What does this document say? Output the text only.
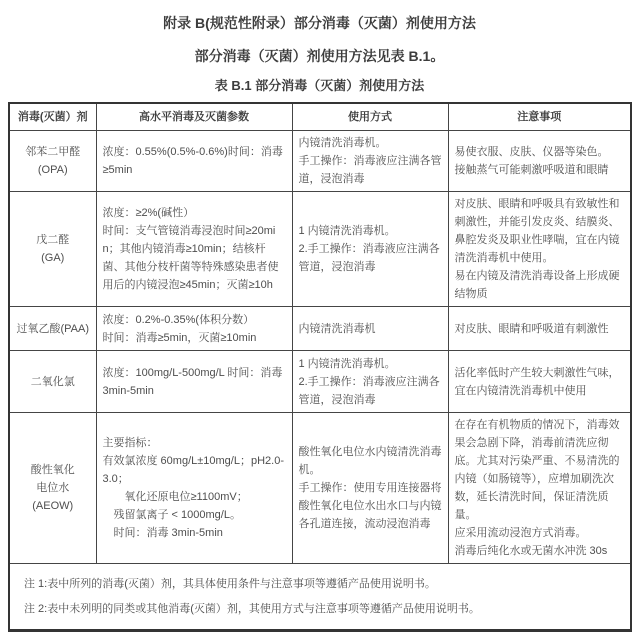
附录 B(规范性附录）部分消毒（灭菌）剂使用方法
部分消毒（灭菌）剂使用方法见表 B.1。
表 B.1 部分消毒（灭菌）剂使用方法
消毒(灭菌）剂	高水平消毒及灭菌参数	使用方式	注意事项
邻苯二甲醛
(OPA)	浓度：0.55%(0.5%-0.6%)时间：消毒≥5min	内镜清洗消毒机。
手工操作：消毒液应注满各管道，浸泡消毒	易使衣服、皮肤、仪器等染色。
接触蒸气可能刺激呼吸道和眼睛
戊二醛
(GA)	浓度：≥2%(碱性）
时间：支气管镜消毒浸泡时间≥20min；其他内镜消毒≥10min；结核杆菌、其他分枝杆菌等特殊感染患者使用后的内镜浸泡≥45min；灭菌≥10h	1 内镜清洗消毒机。
2.手工操作：消毒液应注满各管道，浸泡消毒	对皮肤、眼睛和呼吸具有致敏性和刺激性，并能引发皮炎、结膜炎、鼻腔发炎及职业性哮喘，宜在内镜清洗消毒机中使用。
易在内镜及清洗消毒设备上形成硬结物质
过氧乙酸(PAA)	浓度：0.2%-0.35%(体积分数）
时间：消毒≥5min，灭菌≥10min	内镜清洗消毒机	对皮肤、眼睛和呼吸道有刺激性
二氧化氯	浓度：100mg/L-500mg/L 时间：消毒 3min-5min	1 内镜清洗消毒机。
2.手工操作：消毒液应注满各管道，浸泡消毒	活化率低时产生较大刺激性气味，宜在内镜清洗消毒机中使用
酸性氧化
电位水
(AEOW)	主要指标：
有效氯浓度 60mg/L±10mg/L；pH2.0-3.0；
　　氧化还原电位≥1100mV；
　残留氯离子 < 1000mg/L。
　时间：消毒 3min-5min	酸性氧化电位水内镜清洗消毒机。
手工操作：使用专用连接器将酸性氧化电位水出水口与内镜各孔道连接，流动浸泡消毒	在存在有机物质的情况下，消毒效果会急剧下降，消毒前清洗应彻底。尤其对污染严重、不易清洗的内镜（如肠镜等），应增加刷洗次数，延长清洗时间，保证清洗质量。
应采用流动浸泡方式消毒。
消毒后纯化水或无菌水冲洗 30s

注 1:表中所列的消毒(灭菌）剂，其具体使用条件与注意事项等遵循产品使用说明书。

注 2:表中未列明的同类或其他消毒(灭菌）剂，其使用方式与注意事项等遵循产品使用说明书。			
